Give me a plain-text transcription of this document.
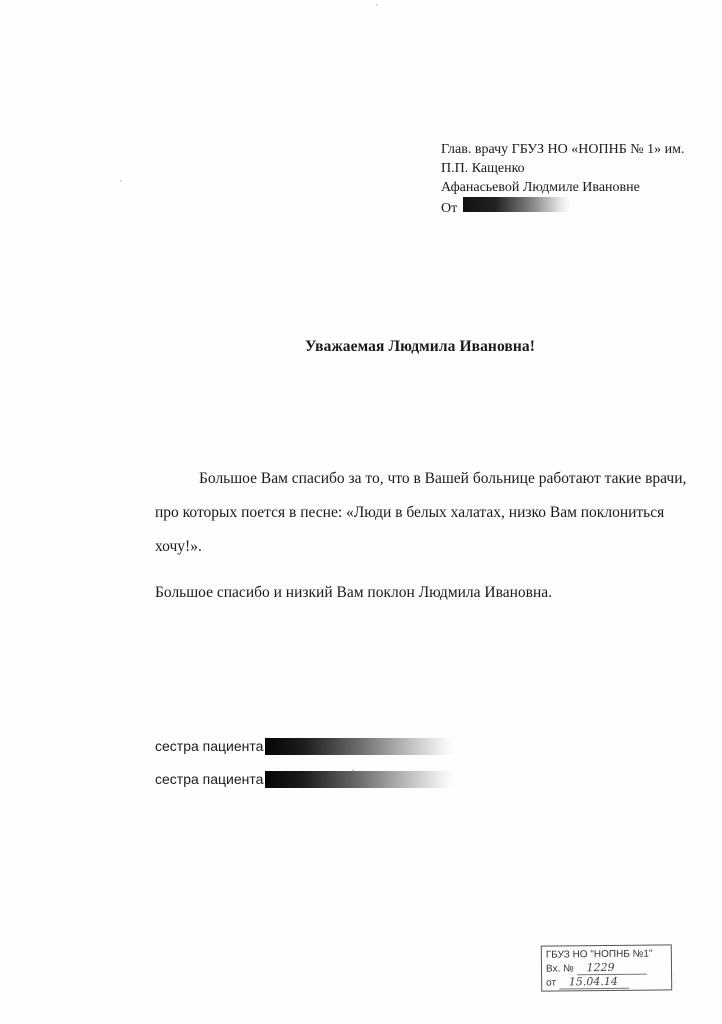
Глав. врачу ГБУЗ НО «НОПНБ № 1» им.
П.П. Кащенко
Афанасьевой Людмиле Ивановне
От
Уважаемая Людмила Ивановна!

Большое Вам спасибо за то, что в Вашей больнице работают такие врачи, про которых поется в песне: «Люди в белых халатах, низко Вам поклониться хочу!».

Большое спасибо и низкий Вам поклон Людмила Ивановна.

сестра пациента
сестра пациента
ГБУЗ НО "НОПНБ №1"
Вх. № 1229
от 15.04.14
